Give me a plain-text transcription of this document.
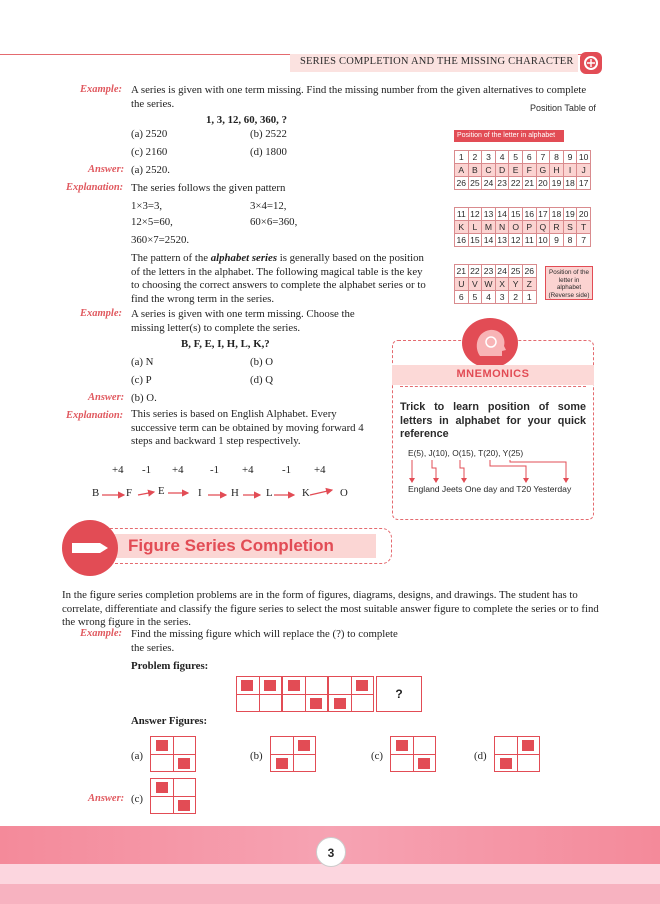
SERIES COMPLETION AND THE MISSING CHARACTER
Example: A series is given with one term missing. Find the missing number from the given alternatives to complete the series.
1, 3, 12, 60, 360, ?
(a) 2520	(b) 2522
(c) 2160	(d) 1800
Answer: (a) 2520.
Explanation: The series follows the given pattern
1×3=3,	3×4=12,
12×5=60,	60×6=360,
360×7=2520.
The pattern of the alphabet series is generally based on the position of the letters in the alphabet. The following magical table is the key to choosing the correct answers to complete the alphabet series or to find the wrong term in the series.
Position Table of
Position of the letter in alphabet
1	2	3	4	5	6	7	8	9	10
A	B	C	D	E	F	G	H	I	J
26	25	24	23	22	21	20	19	18	17
11	12	13	14	15	16	17	18	19	20
K	L	M	N	O	P	Q	R	S	T
16	15	14	13	12	11	10	9	8	7
21	22	23	24	25	26
U	V	W	X	Y	Z
6	5	4	3	2	1
Position of the letter in alphabet (Reverse side)
Example: A series is given with one term missing. Choose the missing letter(s) to complete the series.
B, F, E, I, H, L, K,?
(a) N	(b) O
(c) P	(d) Q
Answer: (b) O.
Explanation: This series is based on English Alphabet. Every successive term can be obtained by moving forward 4 steps and backward 1 step respectively.
+4 -1 +4 -1 +4	-1 +4
B F E	I	H	L	K	O
MNEMONICS
Trick to learn position of some letters in alphabet for your quick reference
E(5), J(10), O(15), T(20), Y(25)
England Jeets One day and T20 Yesterday
Figure Series Completion
In the figure series completion problems are in the form of figures, diagrams, designs, and drawings. The student has to correlate, differentiate and classify the figure series to select the most suitable answer figure to complete the series or to find the wrong figure in the series.
Example: Find the missing figure which will replace the (?) to complete the series.
Problem figures:
?
Answer Figures:
(a)	(b)	(c)	(d)
Answer: (c)
3
